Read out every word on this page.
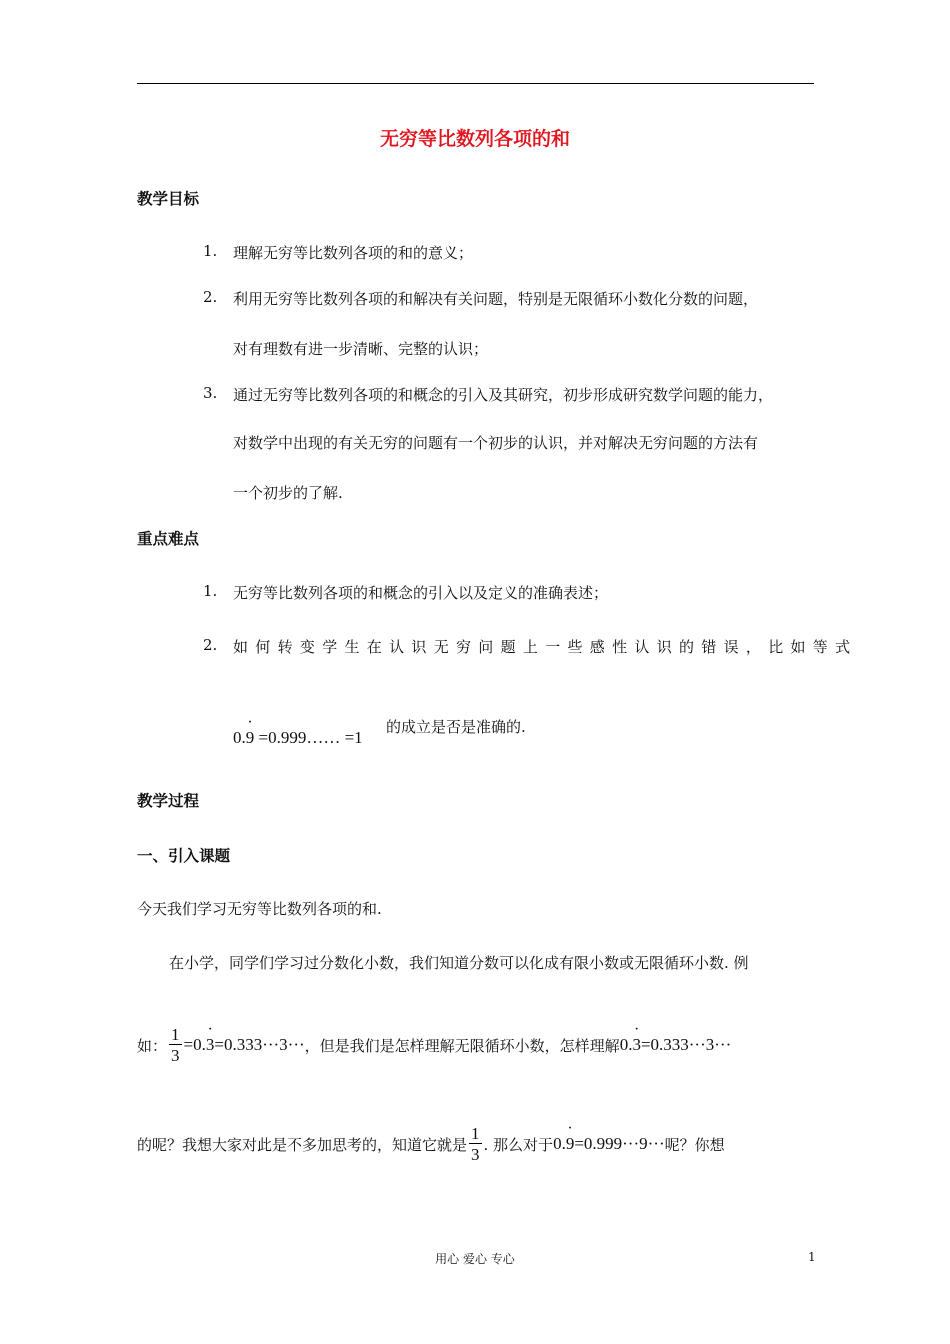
无穷等比数列各项的和
教学目标
1. 理解无穷等比数列各项的和的意义；
2. 利用无穷等比数列各项的和解决有关问题，特别是无限循环小数化分数的问题，
对有理数有进一步清晰、完整的认识；
3. 通过无穷等比数列各项的和概念的引入及其研究，初步形成研究数学问题的能力，
对数学中出现的有关无穷的问题有一个初步的认识，并对解决无穷问题的方法有
一个初步的了解.
重点难点
1. 无穷等比数列各项的和概念的引入以及定义的准确表述；
2. 如何转变学生在认识无穷问题上一些感性认识的错误，比如等式
0.· 9 =0.999…… =1
的成立是否是准确的.
教学过程
一、引入课题
今天我们学习无穷等比数列各项的和.
在小学，同学们学习过分数化小数，我们知道分数可以化成有限小数或无限循环小数. 例
如： $\frac{1}{3} =0$. · 3 =0.333···3··· ，但是我们是怎样理解无限循环小数，怎样理解 0. · 3 =0.333···3···
的呢？我想大家对此是不多加思考的，知道它就是 $\frac{1}{3}$ . 那么对于 0. · 9 =0.999···9··· 呢？你想
用心 爱心 专心	1
